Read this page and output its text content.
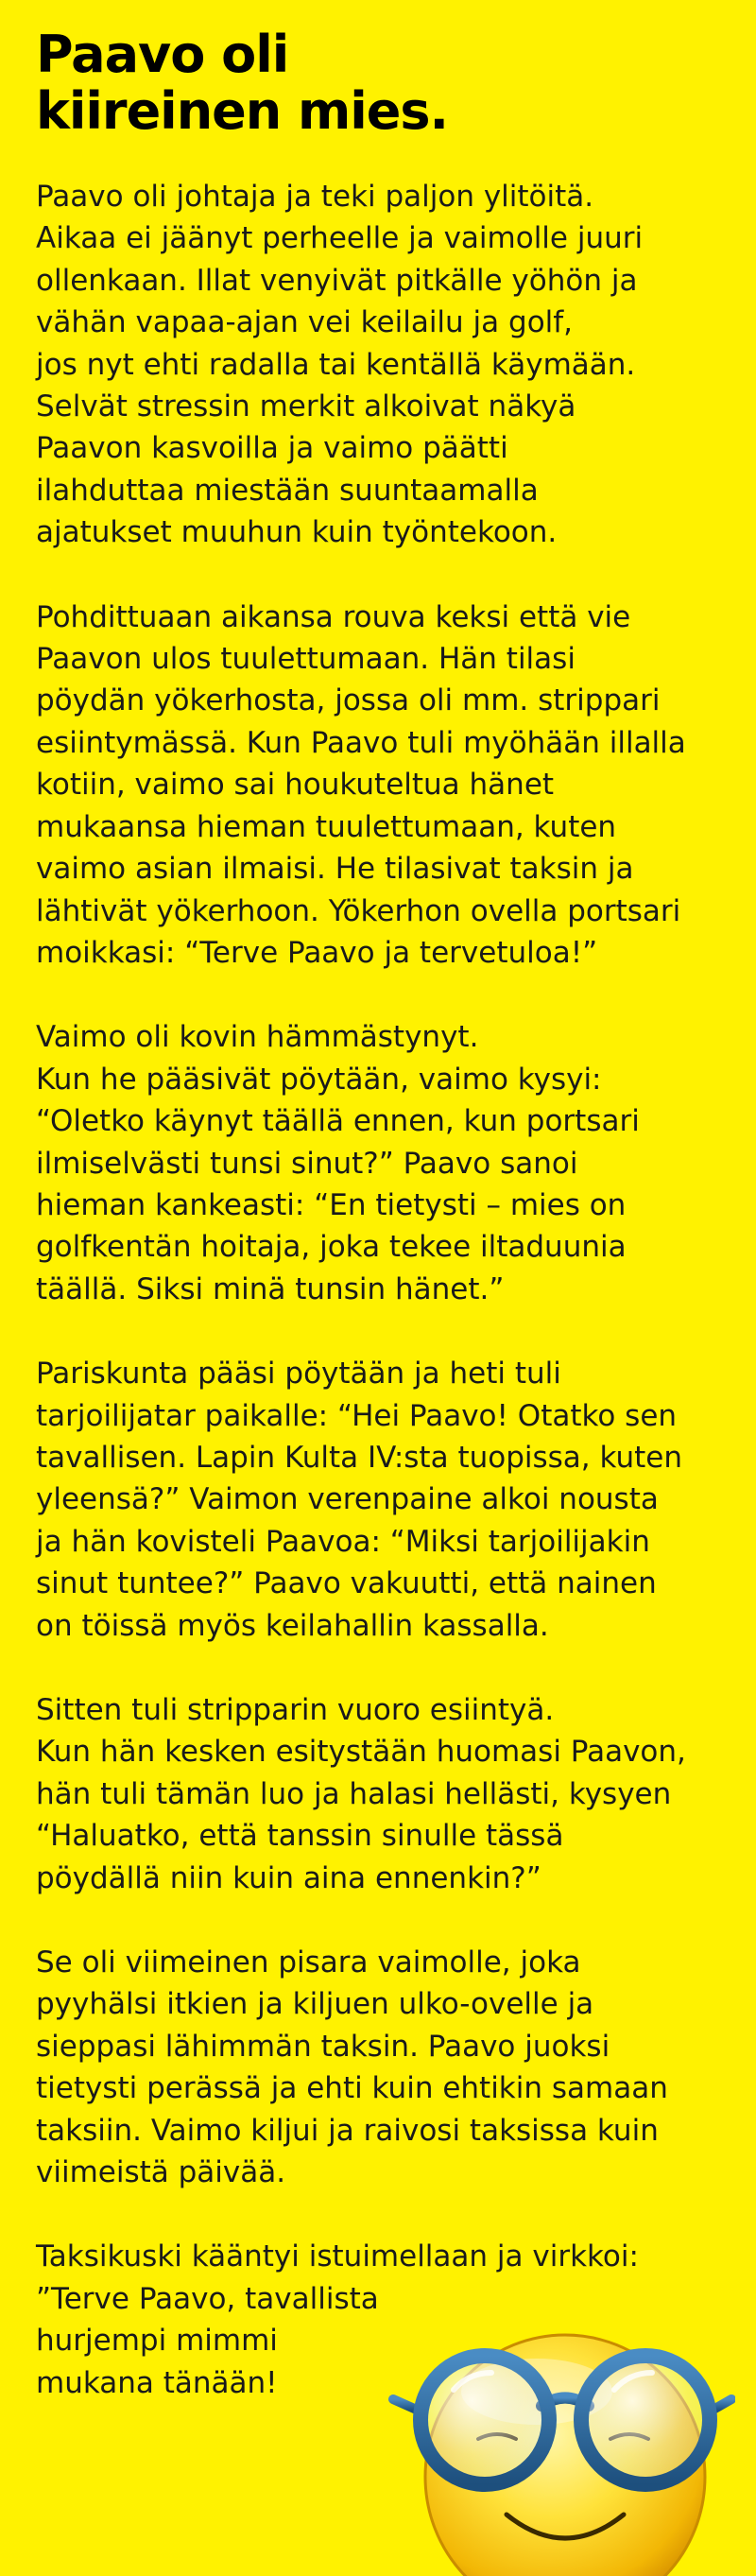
Paavo oli
kiireinen mies.

Paavo oli johtaja ja teki paljon ylitöitä.
Aikaa ei jäänyt perheelle ja vaimolle juuri
ollenkaan. Illat venyivät pitkälle yöhön ja
vähän vapaa-ajan vei keilailu ja golf,
jos nyt ehti radalla tai kentällä käymään.
Selvät stressin merkit alkoivat näkyä
Paavon kasvoilla ja vaimo päätti
ilahduttaa miestään suuntaamalla
ajatukset muuhun kuin työntekoon.

Pohdittuaan aikansa rouva keksi että vie
Paavon ulos tuulettumaan. Hän tilasi
pöydän yökerhosta, jossa oli mm. strippari
esiintymässä. Kun Paavo tuli myöhään illalla
kotiin, vaimo sai houkuteltua hänet
mukaansa hieman tuulettumaan, kuten
vaimo asian ilmaisi. He tilasivat taksin ja
lähtivät yökerhoon. Yökerhon ovella portsari
moikkasi: “Terve Paavo ja tervetuloa!”

Vaimo oli kovin hämmästynyt.
Kun he pääsivät pöytään, vaimo kysyi:
“Oletko käynyt täällä ennen, kun portsari
ilmiselvästi tunsi sinut?” Paavo sanoi
hieman kankeasti: “En tietysti – mies on
golfkentän hoitaja, joka tekee iltaduunia
täällä. Siksi minä tunsin hänet.”

Pariskunta pääsi pöytään ja heti tuli
tarjoilijatar paikalle: “Hei Paavo! Otatko sen
tavallisen. Lapin Kulta IV:sta tuopissa, kuten
yleensä?” Vaimon verenpaine alkoi nousta
ja hän kovisteli Paavoa: “Miksi tarjoilijakin
sinut tuntee?” Paavo vakuutti, että nainen
on töissä myös keilahallin kassalla.

Sitten tuli stripparin vuoro esiintyä.
Kun hän kesken esitystään huomasi Paavon,
hän tuli tämän luo ja halasi hellästi, kysyen
“Haluatko, että tanssin sinulle tässä
pöydällä niin kuin aina ennenkin?”

Se oli viimeinen pisara vaimolle, joka
pyyhälsi itkien ja kiljuen ulko-ovelle ja
sieppasi lähimmän taksin. Paavo juoksi
tietysti perässä ja ehti kuin ehtikin samaan
taksiin. Vaimo kiljui ja raivosi taksissa kuin
viimeistä päivää.

Taksikuski kääntyi istuimellaan ja virkkoi:
”Terve Paavo, tavallista
hurjempi mimmi
mukana tänään!
